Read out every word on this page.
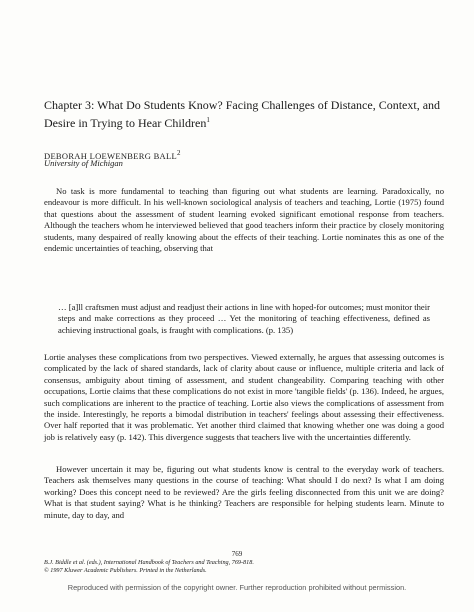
Chapter 3: What Do Students Know? Facing Challenges of Distance, Context, and Desire in Trying to Hear Children$^1$

DEBORAH LOEWENBERG BALL$^2$

University of Michigan

No task is more fundamental to teaching than figuring out what students are learning. Paradoxically, no endeavour is more difficult. In his well-known sociological analysis of teachers and teaching, Lortie (1975) found that questions about the assessment of student learning evoked significant emotional response from teachers. Although the teachers whom he interviewed believed that good teachers inform their practice by closely monitoring students, many despaired of really knowing about the effects of their teaching. Lortie nominates this as one of the endemic uncertainties of teaching, observing that

… [a]ll craftsmen must adjust and readjust their actions in line with hoped-for outcomes; must monitor their steps and make corrections as they proceed … Yet the monitoring of teaching effectiveness, defined as achieving instructional goals, is fraught with complications. (p. 135)

Lortie analyses these complications from two perspectives. Viewed externally, he argues that assessing outcomes is complicated by the lack of shared standards, lack of clarity about cause or influence, multiple criteria and lack of consensus, ambiguity about timing of assessment, and student changeability. Comparing teaching with other occupations, Lortie claims that these complications do not exist in more 'tangible fields' (p. 136). Indeed, he argues, such complications are inherent to the practice of teaching. Lortie also views the complications of assessment from the inside. Interestingly, he reports a bimodal distribution in teachers' feelings about assessing their effectiveness. Over half reported that it was problematic. Yet another third claimed that knowing whether one was doing a good job is relatively easy (p. 142). This divergence suggests that teachers live with the uncertainties differently.

However uncertain it may be, figuring out what students know is central to the everyday work of teachers. Teachers ask themselves many questions in the course of teaching: What should I do next? Is what I am doing working? Does this concept need to be reviewed? Are the girls feeling disconnected from this unit we are doing? What is that student saying? What is he thinking? Teachers are responsible for helping students learn. Minute to minute, day to day, and

769

B.J. Biddle et al. (eds.), International Handbook of Teachers and Teaching, 769-818.

© 1997 Kluwer Academic Publishers. Printed in the Netherlands.

Reproduced with permission of the copyright owner. Further reproduction prohibited without permission.
